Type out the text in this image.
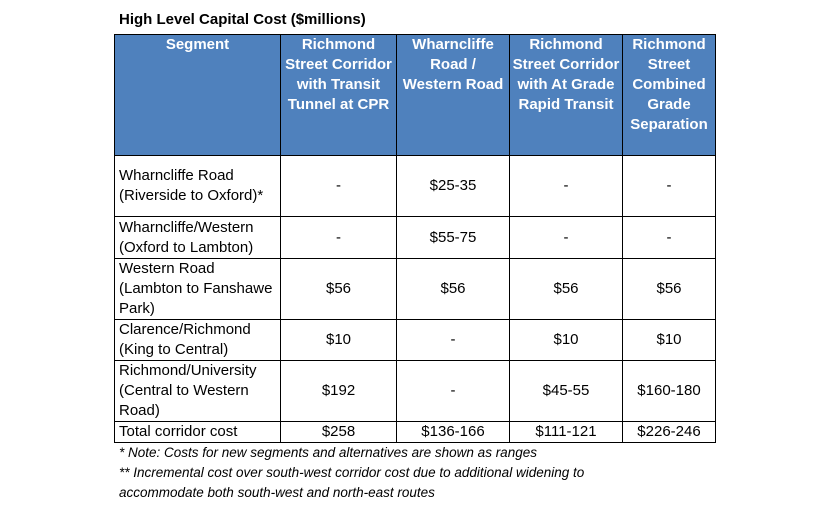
High Level Capital Cost ($millions)
Segment	Richmond Street Corridor with Transit Tunnel at CPR	Wharncliffe Road / Western Road	Richmond Street Corridor with At Grade Rapid Transit	Richmond Street Combined Grade Separation
Wharncliffe Road (Riverside to Oxford)*	-	$25-35	-	-
Wharncliffe/Western (Oxford to Lambton)	-	$55-75	-	-
Western Road (Lambton to Fanshawe Park)	$56	$56	$56	$56
Clarence/Richmond (King to Central)	$10	-	$10	$10
Richmond/University (Central to Western Road)	$192	-	$45-55	$160-180
Total corridor cost	$258	$136-166	$111-121	$226-246
* Note: Costs for new segments and alternatives are shown as ranges
** Incremental cost over south-west corridor cost due to additional widening to
accommodate both south-west and north-east routes
